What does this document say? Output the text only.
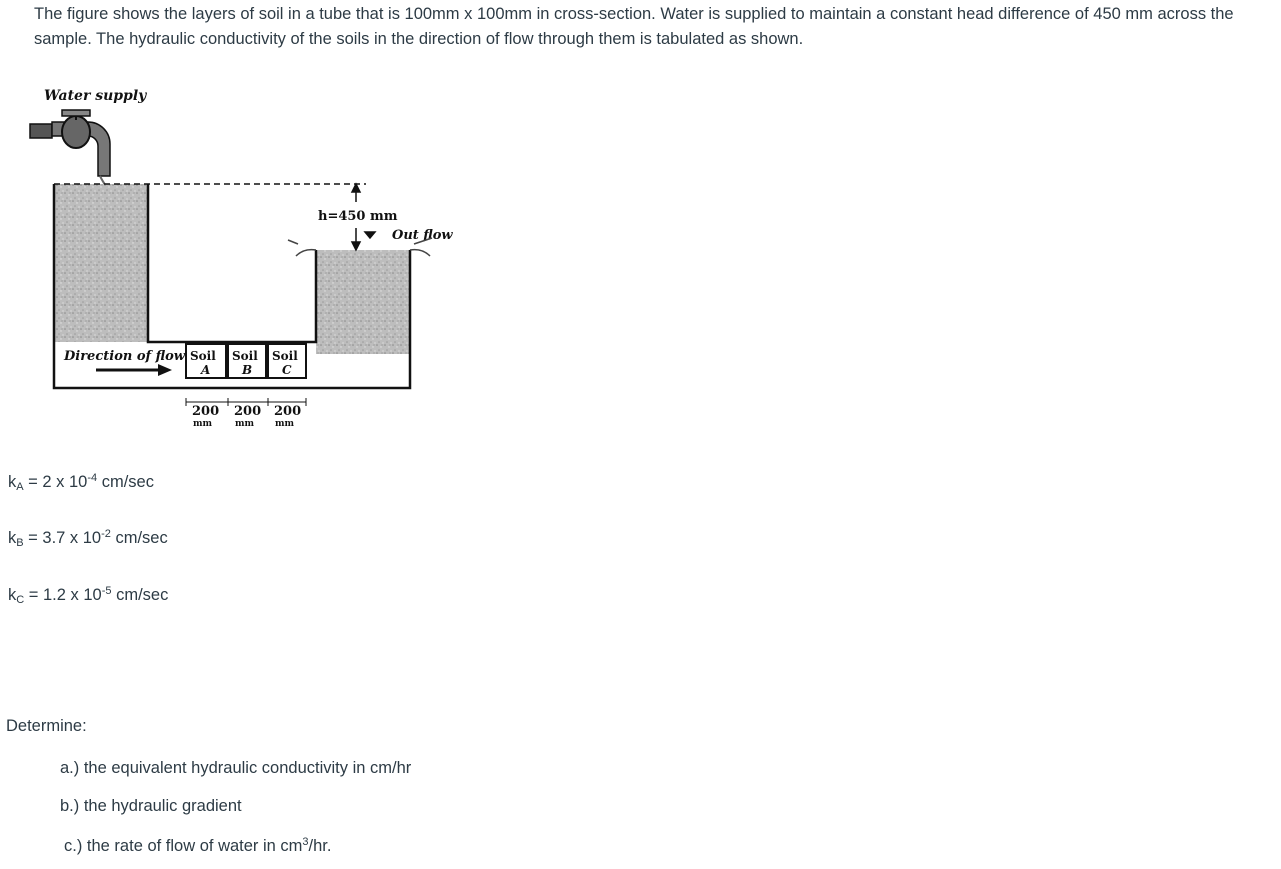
The figure shows the layers of soil in a tube that is 100mm x 100mm in cross-section. Water is supplied to maintain a constant head difference of 450 mm across the sample. The hydraulic conductivity of the soils in the direction of flow through them is tabulated as shown.

Water supply
Soil
A
Soil
B
Soil
C
Direction of flow
200
mm
200
mm
200
mm
h=450 mm
Out flow

$k_A = 2$ x $10^{-4}$ cm/sec

$k_B = 3.7$ x $10^{-2}$ cm/sec

$k_C = 1.2$ x $10^{-5}$ cm/sec

Determine:

a.) the equivalent hydraulic conductivity in cm/hr

b.) the hydraulic gradient

c.) the rate of flow of water in $cm^3/hr$.
